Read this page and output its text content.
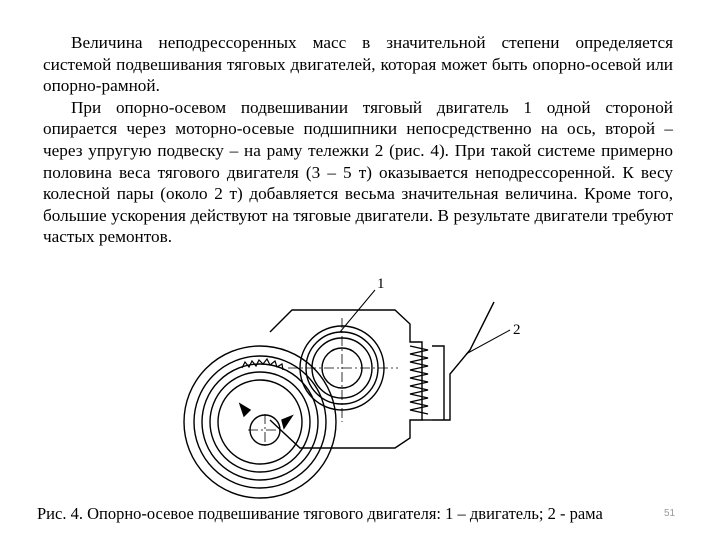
Величина неподрессоренных масс в значительной степени определяется системой подвешивания тяговых двигателей, которая может быть опорно-осевой или опорно-рамной.

При опорно-осевом подвешивании тяговый двигатель 1 одной стороной опирается через моторно-осевые подшипники непосредственно на ось, второй – через упругую подвеску – на раму тележки 2 (рис. 4). При такой системе примерно половина веса тягового двигателя (3 – 5 т) оказывается неподрессоренной. К весу колесной пары (около 2 т) добавляется весьма значительная величина. Кроме того, большие ускорения действуют на тяговые двигатели. В результате двигатели требуют частых ремонтов.

1
2
Рис. 4. Опорно-осевое подвешивание тягового двигателя: 1 – двигатель; 2 - рама	51
